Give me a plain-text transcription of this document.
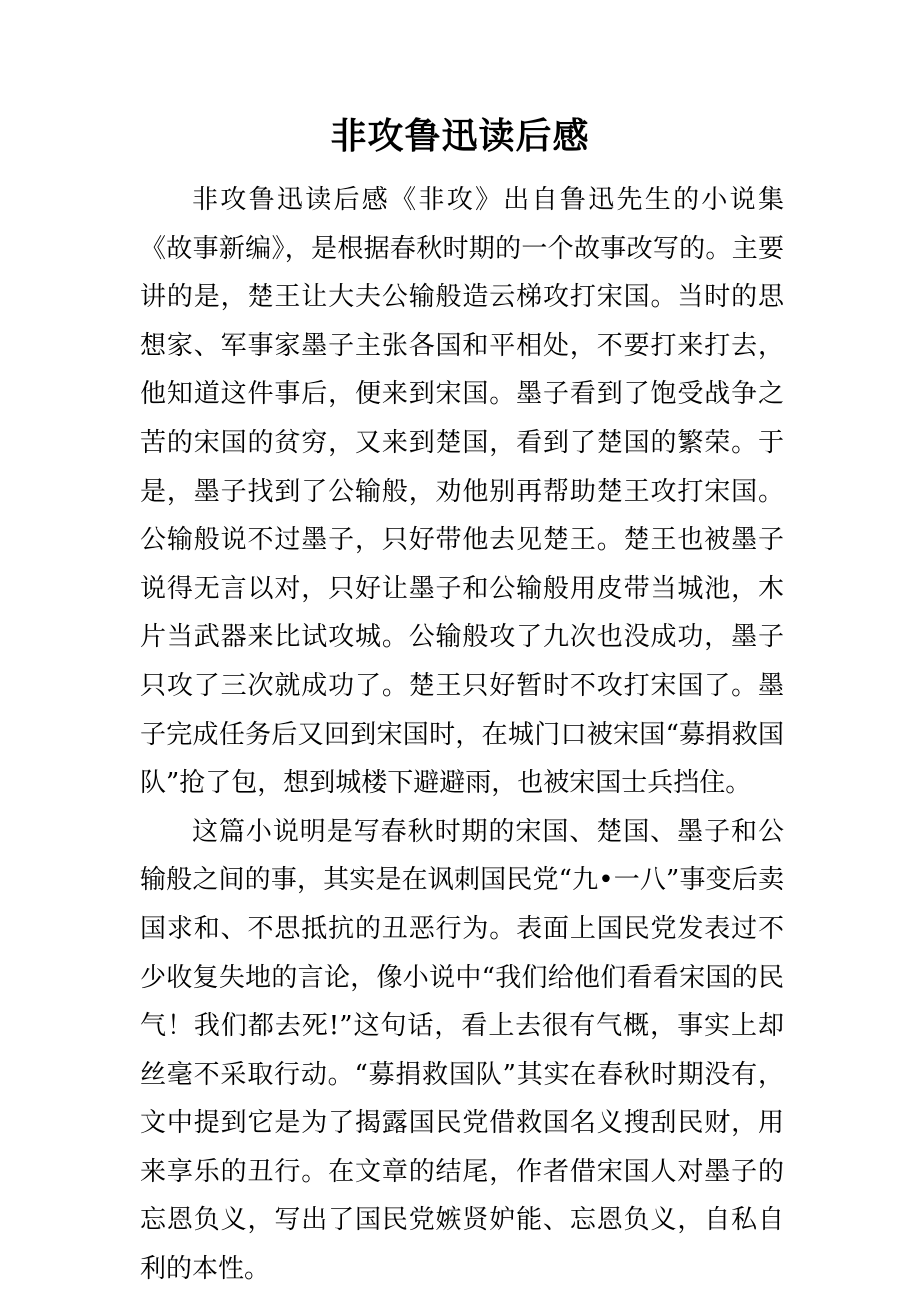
非攻鲁迅读后感

非攻鲁迅读后感《非攻》出自鲁迅先生的小说集《故事新编》，是根据春秋时期的一个故事改写的。主要讲的是，楚王让大夫公输般造云梯攻打宋国。当时的思想家、军事家墨子主张各国和平相处，不要打来打去，他知道这件事后，便来到宋国。墨子看到了饱受战争之苦的宋国的贫穷，又来到楚国，看到了楚国的繁荣。于是，墨子找到了公输般，劝他别再帮助楚王攻打宋国。公输般说不过墨子，只好带他去见楚王。楚王也被墨子说得无言以对，只好让墨子和公输般用皮带当城池，木片当武器来比试攻城。公输般攻了九次也没成功，墨子只攻了三次就成功了。楚王只好暂时不攻打宋国了。墨子完成任务后又回到宋国时，在城门口被宋国“募捐救国队”抢了包，想到城楼下避避雨，也被宋国士兵挡住。

这篇小说明是写春秋时期的宋国、楚国、墨子和公输般之间的事，其实是在讽刺国民党“九•一八”事变后卖国求和、不思抵抗的丑恶行为。表面上国民党发表过不少收复失地的言论，像小说中“我们给他们看看宋国的民气！我们都去死!”这句话，看上去很有气概，事实上却丝毫不采取行动。“募捐救国队”其实在春秋时期没有，文中提到它是为了揭露国民党借救国名义搜刮民财，用来享乐的丑行。在文章的结尾，作者借宋国人对墨子的忘恩负义，写出了国民党嫉贤妒能、忘恩负义，自私自利的本性。
